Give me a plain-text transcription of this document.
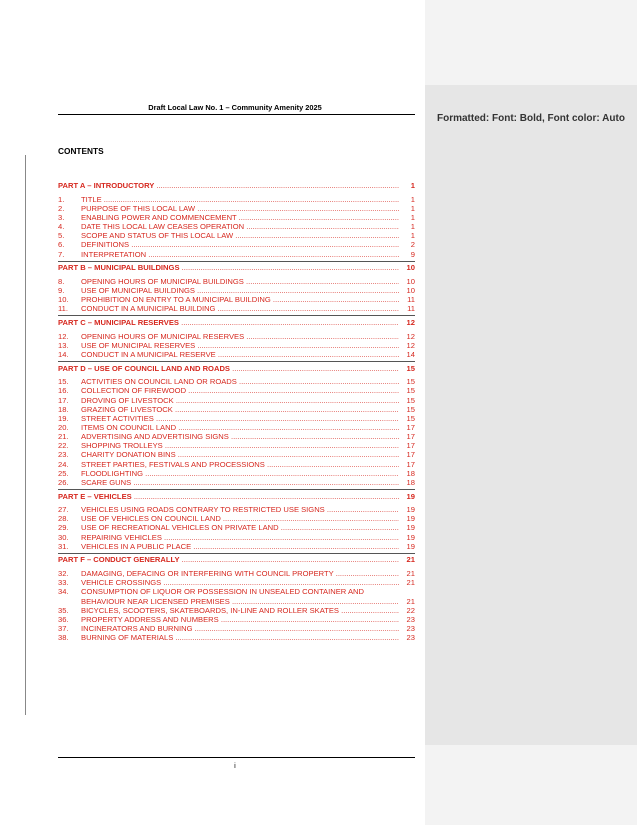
Draft Local Law No. 1 – Community Amenity 2025
CONTENTS
PART A – INTRODUCTORY .....	1
1. TITLE .....	1
2. PURPOSE OF THIS LOCAL LAW .....	1
3. ENABLING POWER AND COMMENCEMENT .....	1
4. DATE THIS LOCAL LAW CEASES OPERATION .....	1
5. SCOPE AND STATUS OF THIS LOCAL LAW .....	1
6. DEFINITIONS .....	2
7. INTERPRETATION .....	9
PART B – MUNICIPAL BUILDINGS .....	10
8. OPENING HOURS OF MUNICIPAL BUILDINGS .....	10
9. USE OF MUNICIPAL BUILDINGS .....	10
10. PROHIBITION ON ENTRY TO A MUNICIPAL BUILDING .....	11
11. CONDUCT IN A MUNICIPAL BUILDING .....	11
PART C – MUNICIPAL RESERVES .....	12
12. OPENING HOURS OF MUNICIPAL RESERVES .....	12
13. USE OF MUNICIPAL RESERVES .....	12
14. CONDUCT IN A MUNICIPAL RESERVE .....	14
PART D – USE OF COUNCIL LAND AND ROADS .....	15
15. ACTIVITIES ON COUNCIL LAND OR ROADS .....	15
16. COLLECTION OF FIREWOOD .....	15
17. DROVING OF LIVESTOCK .....	15
18. GRAZING OF LIVESTOCK .....	15
19. STREET ACTIVITIES .....	15
20. ITEMS ON COUNCIL LAND .....	17
21. ADVERTISING AND ADVERTISING SIGNS .....	17
22. SHOPPING TROLLEYS .....	17
23. CHARITY DONATION BINS .....	17
24. STREET PARTIES, FESTIVALS AND PROCESSIONS .....	17
25. FLOODLIGHTING .....	18
26. SCARE GUNS .....	18
PART E – VEHICLES .....	19
27. VEHICLES USING ROADS CONTRARY TO RESTRICTED USE SIGNS .....	19
28. USE OF VEHICLES ON COUNCIL LAND .....	19
29. USE OF RECREATIONAL VEHICLES ON PRIVATE LAND .....	19
30. REPAIRING VEHICLES .....	19
31. VEHICLES IN A PUBLIC PLACE .....	19
PART F – CONDUCT GENERALLY .....	21
32. DAMAGING, DEFACING OR INTERFERING WITH COUNCIL PROPERTY .....	21
33. VEHICLE CROSSINGS .....	21
34. CONSUMPTION OF LIQUOR OR POSSESSION IN UNSEALED CONTAINER AND
BEHAVIOUR NEAR LICENSED PREMISES .....	21
35. BICYCLES, SCOOTERS, SKATEBOARDS, IN-LINE AND ROLLER SKATES .....	22
36. PROPERTY ADDRESS AND NUMBERS .....	23
37. INCINERATORS AND BURNING .....	23
38. BURNING OF MATERIALS .....	23
i
Formatted: Font: Bold, Font color: Auto
